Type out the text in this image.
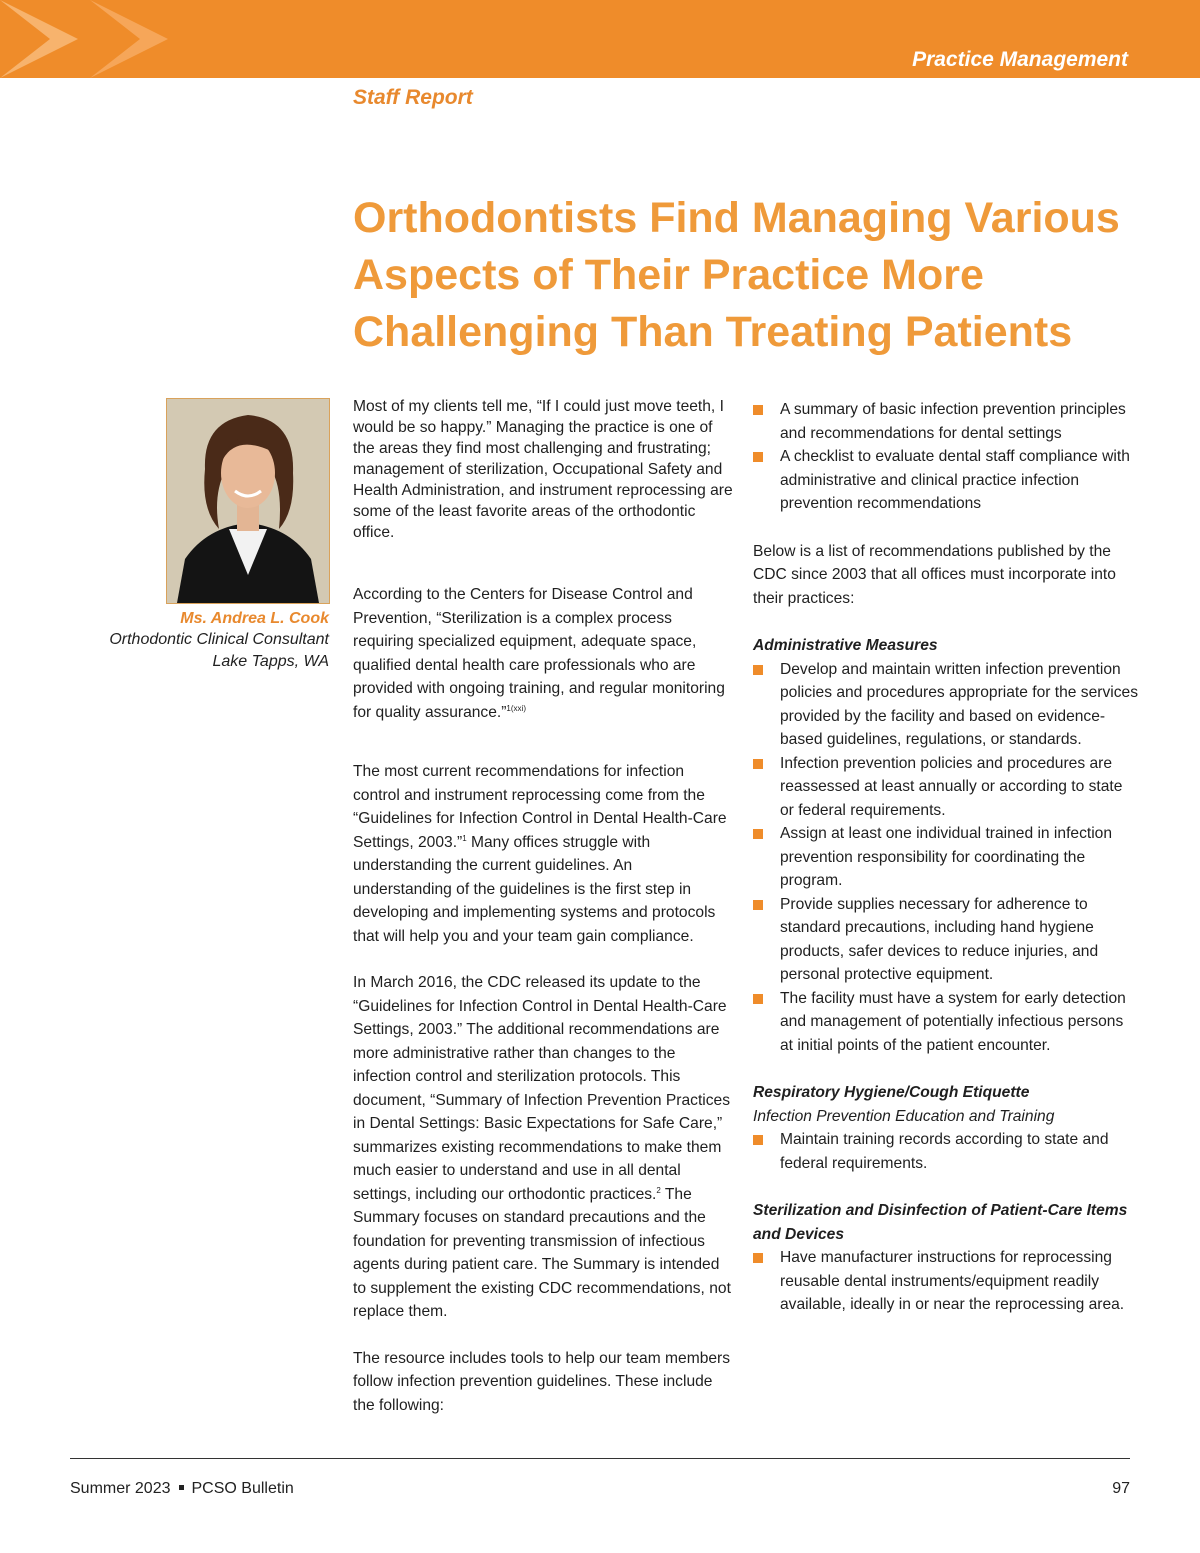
Practice Management
Staff Report
Orthodontists Find Managing Various Aspects of Their Practice More Challenging Than Treating Patients
Ms. Andrea L. Cook
Orthodontic Clinical Consultant
Lake Tapps, WA

Most of my clients tell me, “If I could just move teeth, I would be so happy.” Managing the practice is one of the areas they find most challenging and frustrating; management of sterilization, Occupational Safety and Health Administration, and instrument reprocessing are some of the least favorite areas of the orthodontic office.

According to the Centers for Disease Control and Prevention, “Sterilization is a complex process requiring specialized equipment, adequate space, qualified dental health care professionals who are provided with ongoing training, and regular monitoring for quality assurance.”$^{1(xxi)}$

The most current recommendations for infection control and instrument reprocessing come from the “Guidelines for Infection Control in Dental Health-Care Settings, 2003.”$^1$ Many offices struggle with understanding the current guidelines. An understanding of the guidelines is the first step in developing and implementing systems and protocols that will help you and your team gain compliance.

In March 2016, the CDC released its update to the “Guidelines for Infection Control in Dental Health-Care Settings, 2003.” The additional recommendations are more administrative rather than changes to the infection control and sterilization protocols. This document, “Summary of Infection Prevention Practices in Dental Settings: Basic Expectations for Safe Care,” summarizes existing recommendations to make them much easier to understand and use in all dental settings, including our orthodontic practices.$^2$ The Summary focuses on standard precautions and the foundation for preventing transmission of infectious agents during patient care. The Summary is intended to supplement the existing CDC recommendations, not replace them.

The resource includes tools to help our team members follow infection prevention guidelines. These include the following:

A summary of basic infection prevention principles and recommendations for dental settings
A checklist to evaluate dental staff compliance with administrative and clinical practice infection prevention recommendations

Below is a list of recommendations published by the CDC since 2003 that all offices must incorporate into their practices:

Administrative Measures

Develop and maintain written infection prevention policies and procedures appropriate for the services provided by the facility and based on evidence-based guidelines, regulations, or standards.
Infection prevention policies and procedures are reassessed at least annually or according to state or federal requirements.
Assign at least one individual trained in infection prevention responsibility for coordinating the program.
Provide supplies necessary for adherence to standard precautions, including hand hygiene products, safer devices to reduce injuries, and personal protective equipment.
The facility must have a system for early detection and management of potentially infectious persons at initial points of the patient encounter.

Respiratory Hygiene/Cough Etiquette

Infection Prevention Education and Training

Maintain training records according to state and federal requirements.

Sterilization and Disinfection of Patient-Care Items and Devices

Have manufacturer instructions for reprocessing reusable dental instruments/equipment readily available, ideally in or near the reprocessing area.
Summer 2023 PCSO Bulletin	97
